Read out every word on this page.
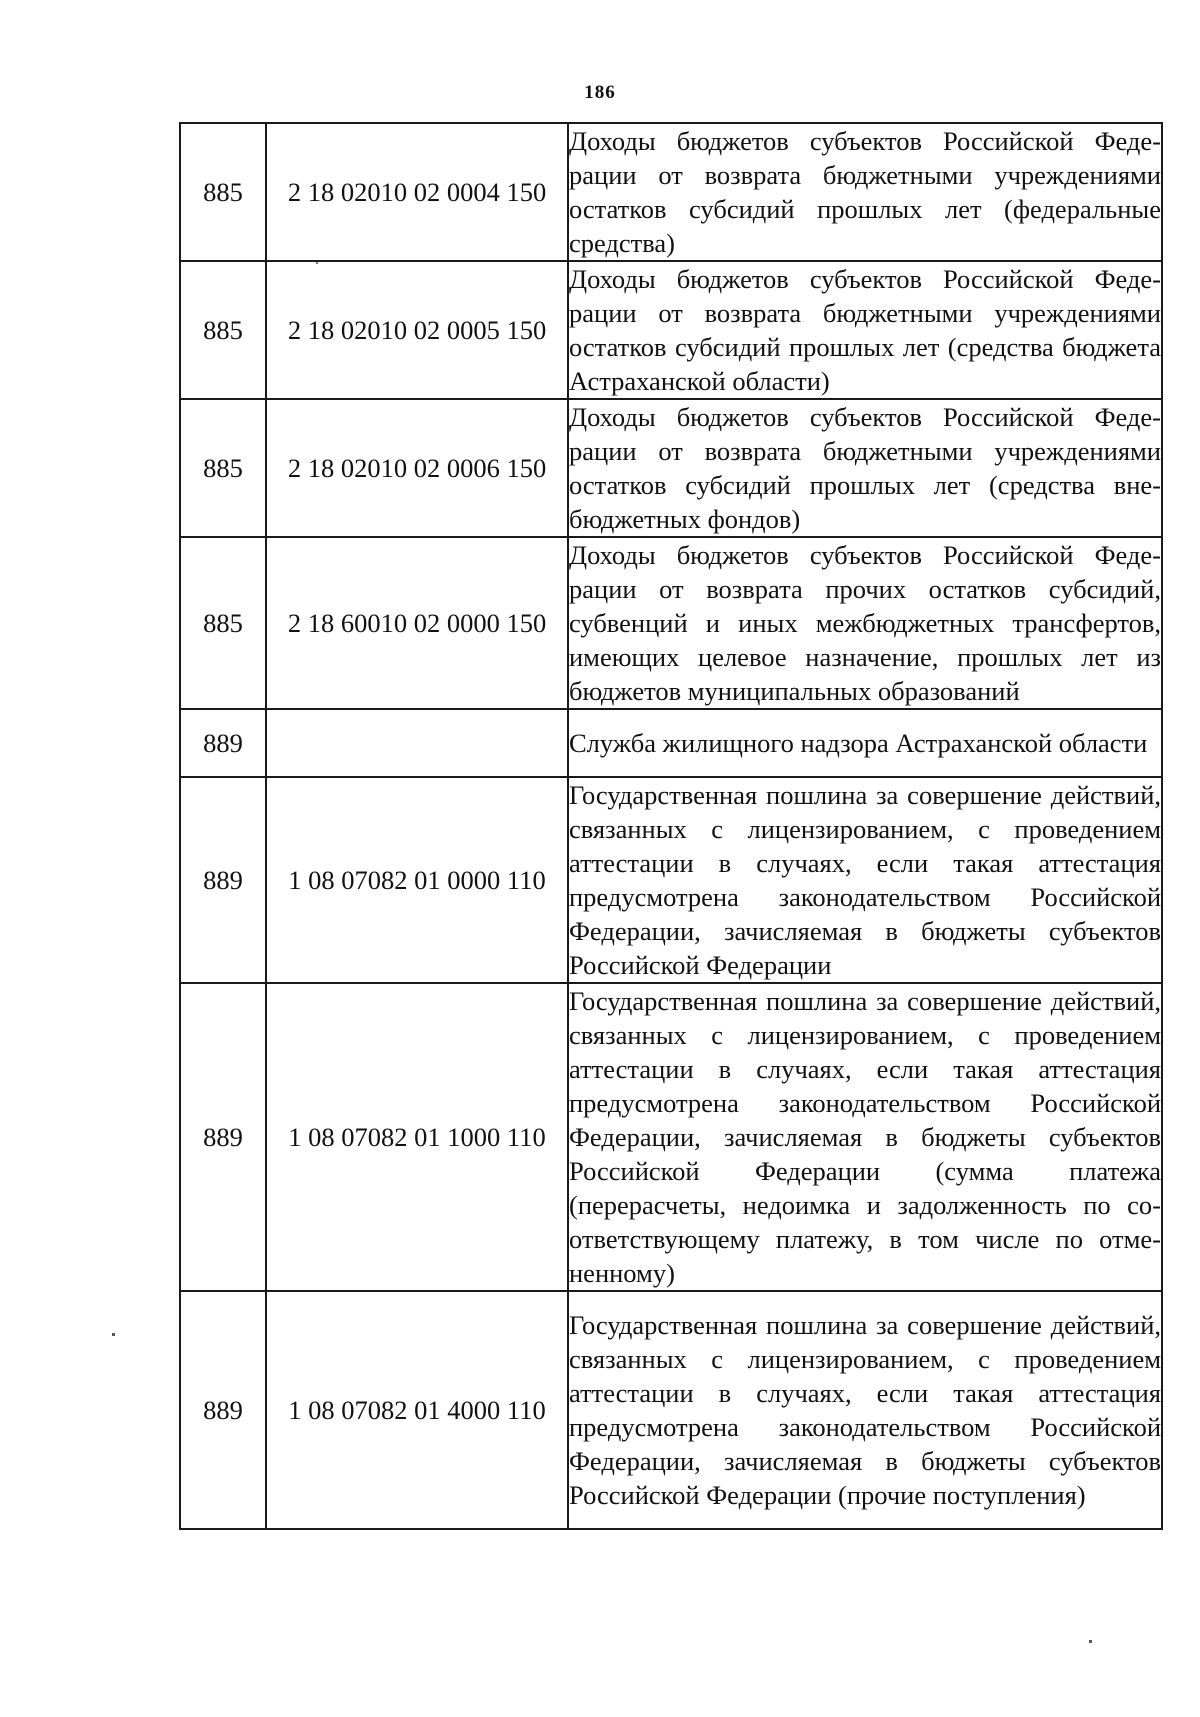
186
885	2 18 02010 02 0004 150	Доходы бюджетов субъектов Российской Федерации от возврата бюджетными учреждениями остатков субсидий прошлых лет (федеральные средства)
885	2 18 02010 02 0005 150	Доходы бюджетов субъектов Российской Федерации от возврата бюджетными учреждениями остатков субсидий прошлых лет (средства бюджета Астраханской области)
885	2 18 02010 02 0006 150	Доходы бюджетов субъектов Российской Федерации от возврата бюджетными учреждениями остатков субсидий прошлых лет (средства внебюджетных фондов)
885	2 18 60010 02 0000 150	Доходы бюджетов субъектов Российской Федерации от возврата прочих остатков субсидий, субвенций и иных межбюджетных трансфертов, имеющих целевое назначение, прошлых лет из бюджетов муниципальных образований
889		Служба жилищного надзора Астраханской области
889	1 08 07082 01 0000 110	Государственная пошлина за совершение действий, связанных с лицензированием, с проведением аттестации в случаях, если такая аттестация предусмотрена законодательством Российской Федерации, зачисляемая в бюджеты субъектов Российской Федерации
889	1 08 07082 01 1000 110	Государственная пошлина за совершение действий, связанных с лицензированием, с проведением аттестации в случаях, если такая аттестация предусмотрена законодательством Российской Федерации, зачисляемая в бюджеты субъектов Российской Федерации (сумма платежа (перерасчеты, недоимка и задолженность по соответствующему платежу, в том числе по отмененному)
889	1 08 07082 01 4000 110	Государственная пошлина за совершение действий, связанных с лицензированием, с проведением аттестации в случаях, если такая аттестация предусмотрена законодательством Российской Федерации, зачисляемая в бюджеты субъектов Российской Федерации (прочие поступления)
